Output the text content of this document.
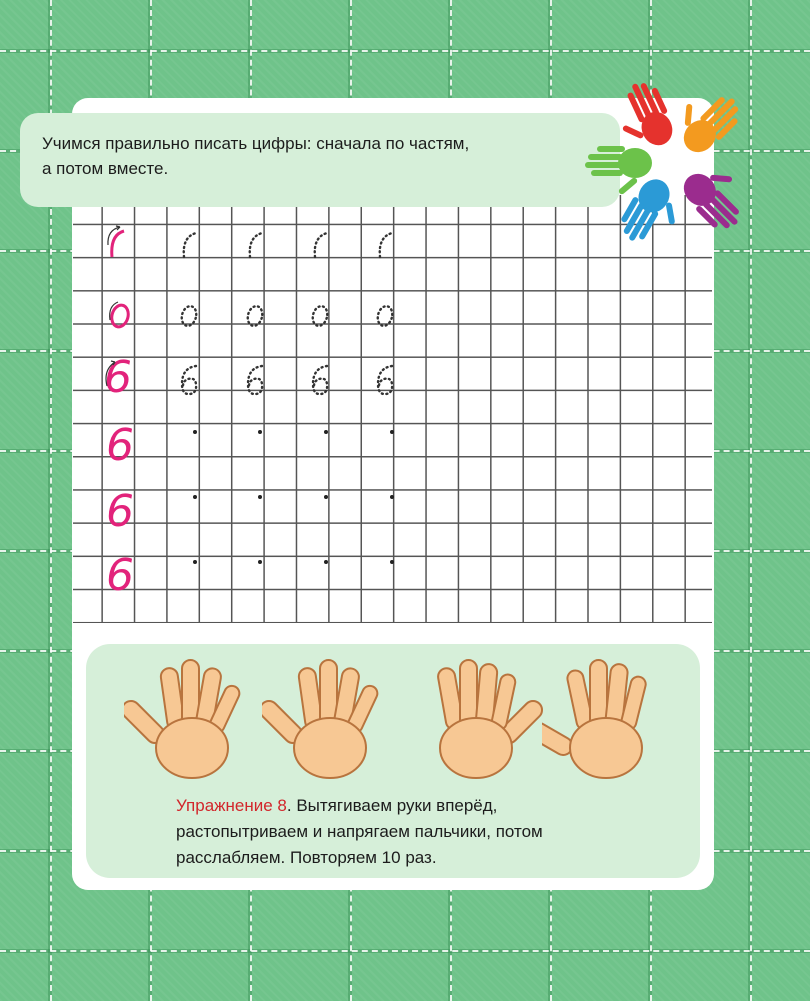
Учимся правильно писать цифры: сначала по частям,
а потом вместе.
6
6
6
6
Упражнение 8. Вытягиваем руки вперёд,
растопытриваем и напрягаем пальчики, потом
расслабляем. Повторяем 10 раз.
